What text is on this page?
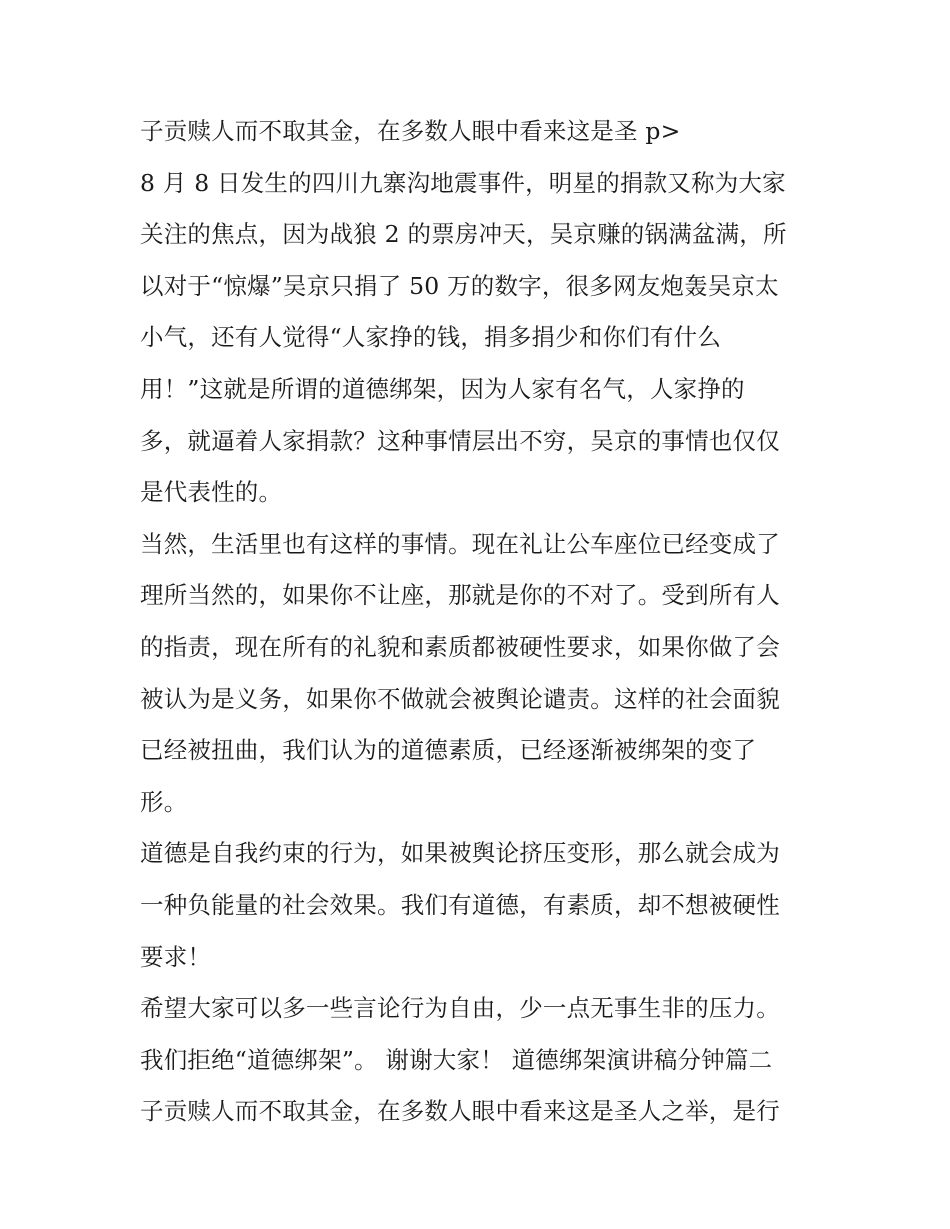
子贡赎人而不取其金，在多数人眼中看来这是圣 p>
8 月 8 日发生的四川九寨沟地震事件，明星的捐款又称为大家
关注的焦点，因为战狼 2 的票房冲天，吴京赚的锅满盆满，所
以对于“惊爆”吴京只捐了 50 万的数字，很多网友炮轰吴京太
小气，还有人觉得“人家挣的钱，捐多捐少和你们有什么
用！”这就是所谓的道德绑架，因为人家有名气，人家挣的
多，就逼着人家捐款？这种事情层出不穷，吴京的事情也仅仅
是代表性的。
当然，生活里也有这样的事情。现在礼让公车座位已经变成了
理所当然的，如果你不让座，那就是你的不对了。受到所有人
的指责，现在所有的礼貌和素质都被硬性要求，如果你做了会
被认为是义务，如果你不做就会被舆论谴责。这样的社会面貌
已经被扭曲，我们认为的道德素质，已经逐渐被绑架的变了
形。
道德是自我约束的行为，如果被舆论挤压变形，那么就会成为
一种负能量的社会效果。我们有道德，有素质，却不想被硬性
要求！
希望大家可以多一些言论行为自由，少一点无事生非的压力。
我们拒绝“道德绑架”。 谢谢大家！ 道德绑架演讲稿分钟篇二
子贡赎人而不取其金，在多数人眼中看来这是圣人之举，是行
